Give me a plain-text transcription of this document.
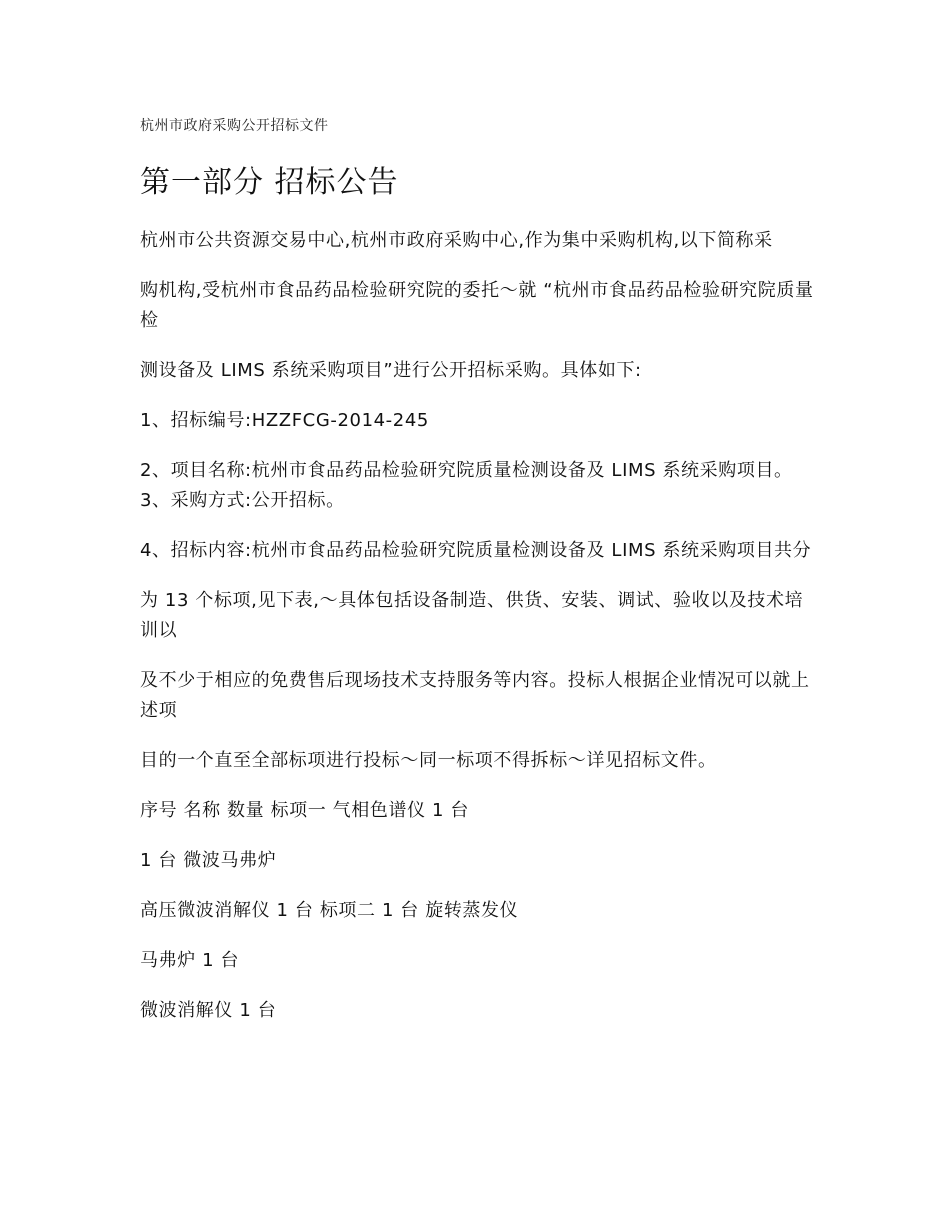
杭州市政府采购公开招标文件
第一部分 招标公告

杭州市公共资源交易中心,杭州市政府采购中心,作为集中采购机构,以下简称采

购机构,受杭州市食品药品检验研究院的委托～就 “杭州市食品药品检验研究院质量检

测设备及 LIMS 系统采购项目”进行公开招标采购。具体如下:

1、招标编号:HZZFCG-2014-245

2、项目名称:杭州市食品药品检验研究院质量检测设备及 LIMS 系统采购项目。 3、采购方式:公开招标。

4、招标内容:杭州市食品药品检验研究院质量检测设备及 LIMS 系统采购项目共分

为 13 个标项,见下表,～具体包括设备制造、供货、安装、调试、验收以及技术培训以

及不少于相应的免费售后现场技术支持服务等内容。投标人根据企业情况可以就上述项

目的一个直至全部标项进行投标～同一标项不得拆标～详见招标文件。

序号 名称 数量 标项一 气相色谱仪 1 台

1 台 微波马弗炉

高压微波消解仪 1 台 标项二 1 台 旋转蒸发仪

马弗炉 1 台

微波消解仪 1 台
